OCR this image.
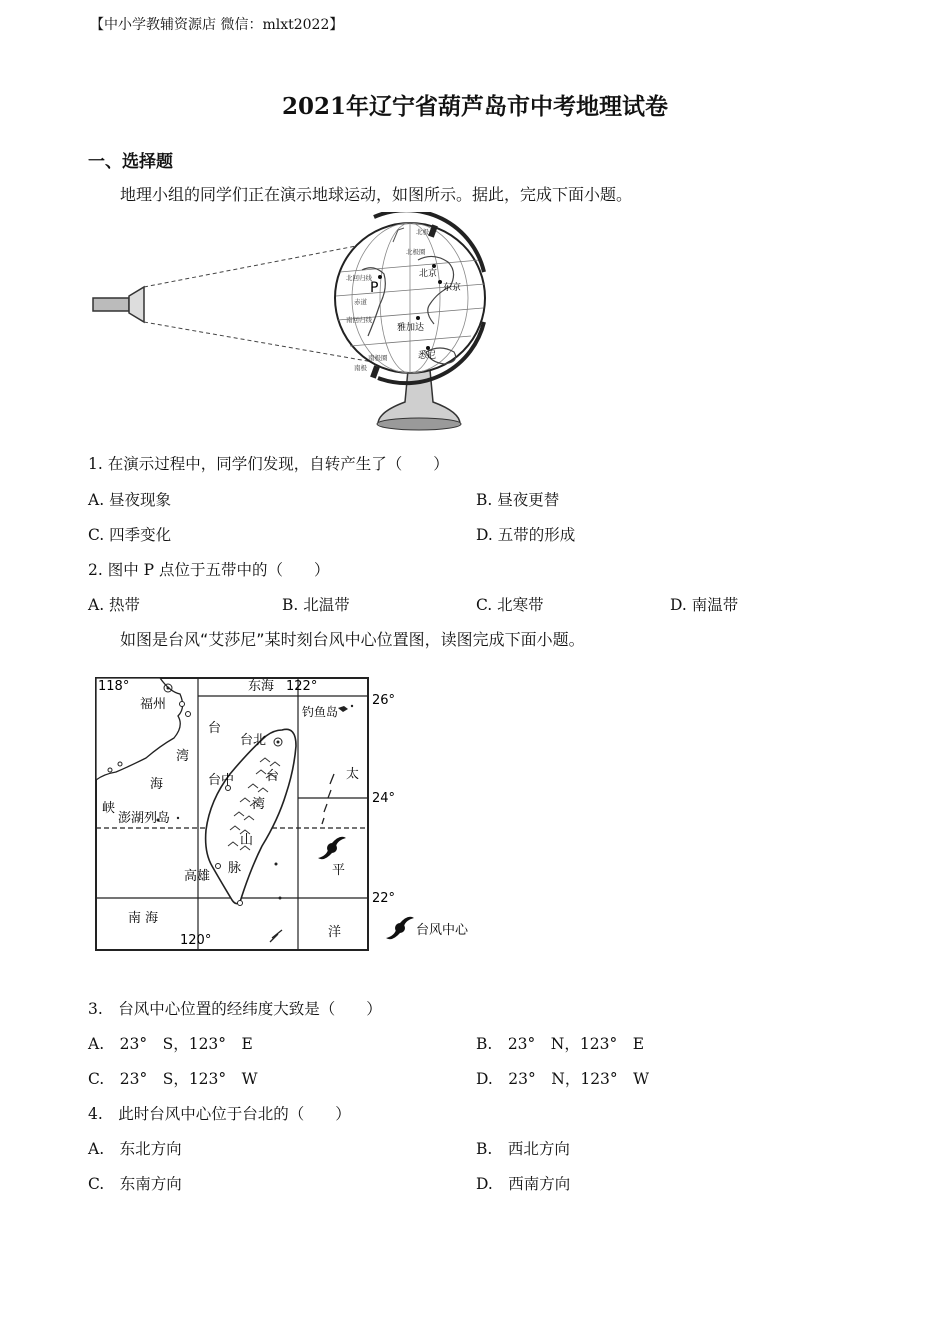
【中小学教辅资源店 微信：mlxt2022】
2021年辽宁省葫芦岛市中考地理试卷
一、选择题
地理小组的同学们正在演示地球运动，如图所示。据此，完成下面小题。
P
北京
东京
雅加达
悉尼
北极圈
北回归线
赤道
南回归线
南极圈
北极
南极
1. 在演示过程中，同学们发现，自转产生了（　　）
A. 昼夜现象	B. 昼夜更替
C. 四季变化	D. 五带的形成
2. 图中 P 点位于五带中的（　　）
A. 热带	B. 北温带	C. 北寒带	D. 南温带
如图是台风“艾莎尼”某时刻台风中心位置图，读图完成下面小题。
118°	122°
120°
26°
24°
22°
东海
福州	钓鱼岛
台
湾
海
峡
澎湖列岛
台北
台中
高雄
台
湾
山
脉
南 海
太
平
洋	台风中心
3.　台风中心位置的经纬度大致是（　　）
A.　23°　S，123°　E	B.　23°　N，123°　E
C.　23°　S，123°　W	D.　23°　N，123°　W
4.　此时台风中心位于台北的（　　）
A.　东北方向	B.　西北方向
C.　东南方向	D.　西南方向
